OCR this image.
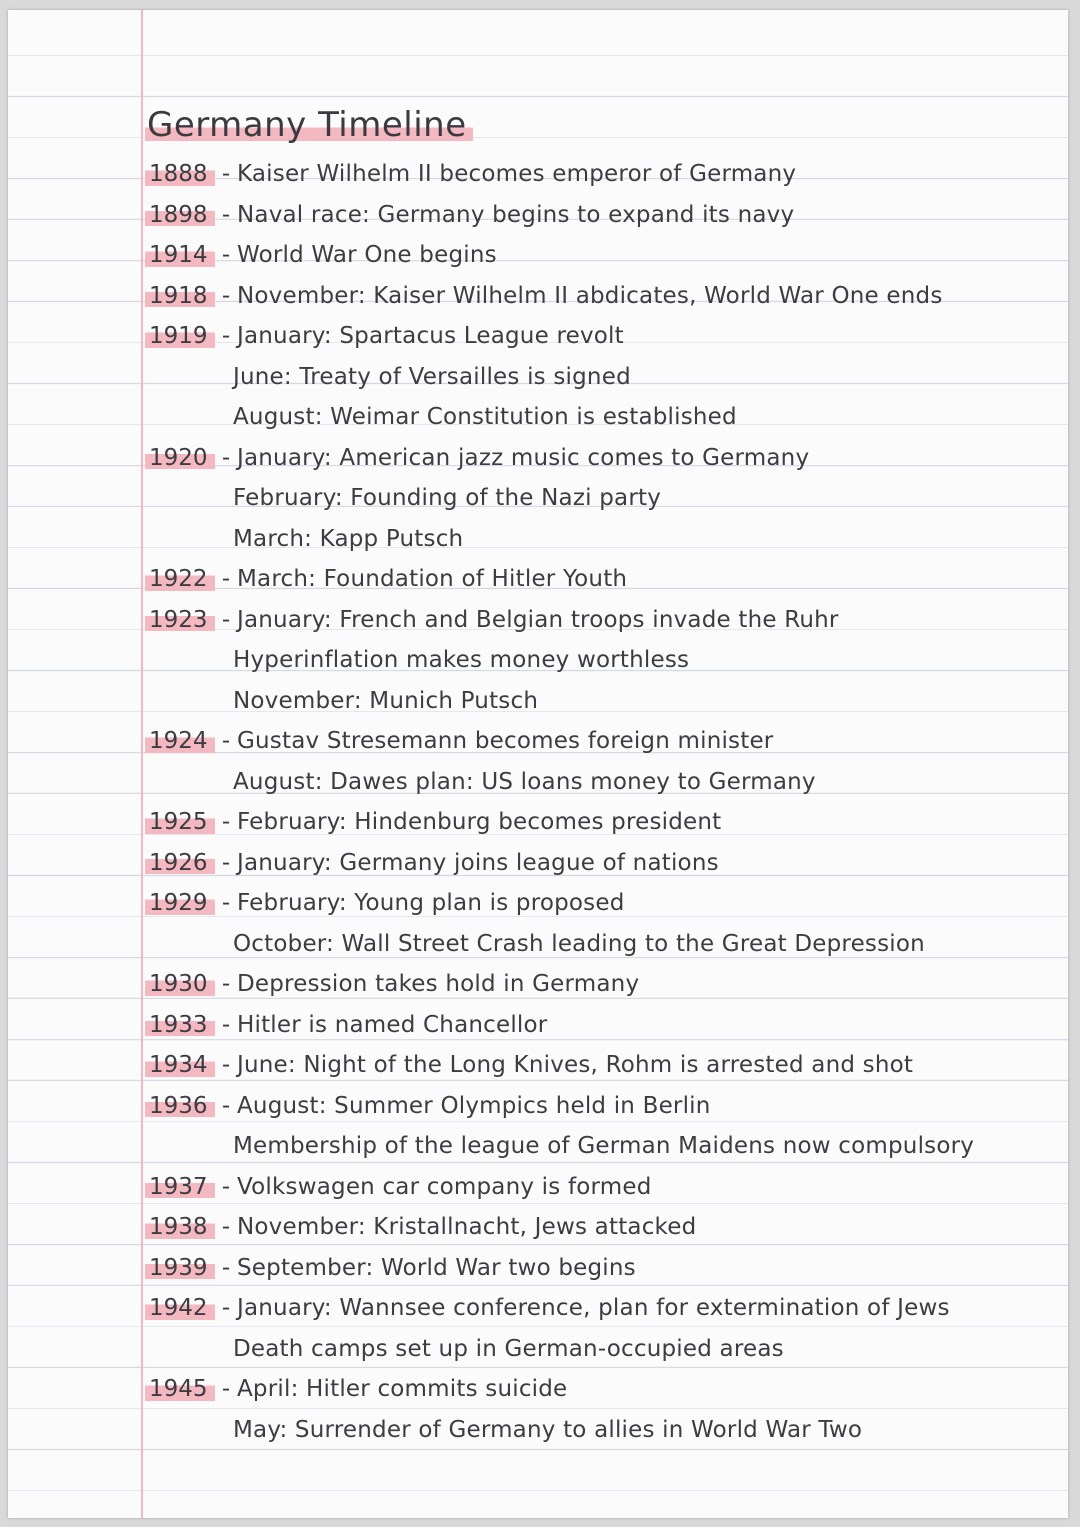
Germany Timeline
1888 - Kaiser Wilhelm II becomes emperor of Germany
1898 - Naval race: Germany begins to expand its navy
1914 - World War One begins
1918 - November: Kaiser Wilhelm II abdicates, World War One ends
1919 - January: Spartacus League revolt
June: Treaty of Versailles is signed
August: Weimar Constitution is established
1920 - January: American jazz music comes to Germany
February: Founding of the Nazi party
March: Kapp Putsch
1922 - March: Foundation of Hitler Youth
1923 - January: French and Belgian troops invade the Ruhr
Hyperinflation makes money worthless
November: Munich Putsch
1924 - Gustav Stresemann becomes foreign minister
August: Dawes plan: US loans money to Germany
1925 - February: Hindenburg becomes president
1926 - January: Germany joins league of nations
1929 - February: Young plan is proposed
October: Wall Street Crash leading to the Great Depression
1930 - Depression takes hold in Germany
1933 - Hitler is named Chancellor
1934 - June: Night of the Long Knives, Rohm is arrested and shot
1936 - August: Summer Olympics held in Berlin
Membership of the league of German Maidens now compulsory
1937 - Volkswagen car company is formed
1938 - November: Kristallnacht, Jews attacked
1939 - September: World War two begins
1942 - January: Wannsee conference, plan for extermination of Jews
Death camps set up in German-occupied areas
1945 - April: Hitler commits suicide
May: Surrender of Germany to allies in World War Two
